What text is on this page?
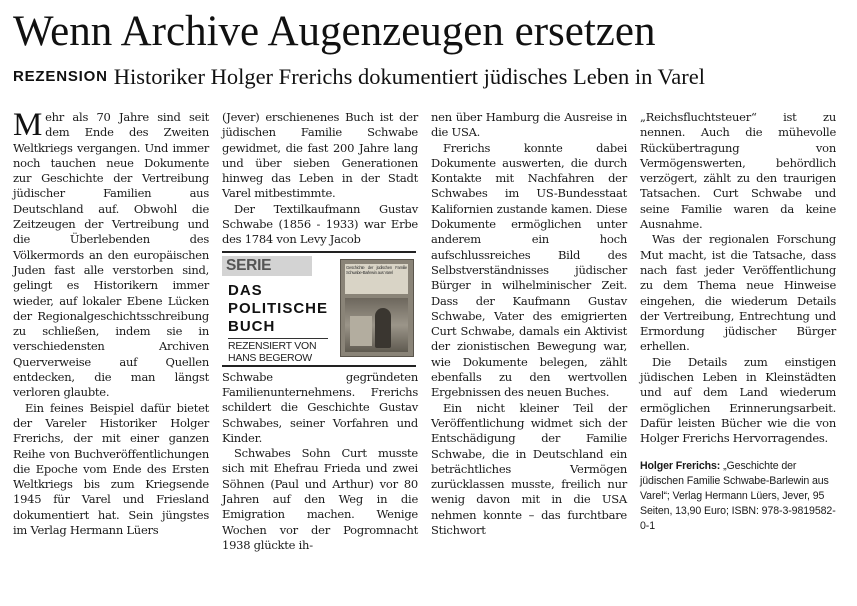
Wenn Archive Augenzeugen ersetzen
REZENSION Historiker Holger Frerichs dokumentiert jüdisches Leben in Varel

Mehr als 70 Jahre sind seit dem Ende des Zweiten Weltkriegs vergangen. Und immer noch tauchen neue Dokumente zur Geschichte der Vertreibung jüdischer Familien aus Deutschland auf. Obwohl die Zeitzeugen der Vertreibung und die Überlebenden des Völkermords an den europäischen Juden fast alle verstorben sind, gelingt es Historikern immer wieder, auf lokaler Ebene Lücken der Regionalgeschichtsschreibung zu schließen, indem sie in verschiedensten Archiven Querverweise auf Quellen entdecken, die man längst verloren glaubte.

Ein feines Beispiel dafür bietet der Vareler Historiker Holger Frerichs, der mit einer ganzen Reihe von Buchveröffentlichungen die Epoche vom Ende des Ersten Weltkriegs bis zum Kriegsende 1945 für Varel und Friesland dokumentiert hat. Sein jüngstes im Verlag Hermann Lüers

(Jever) erschienenes Buch ist der jüdischen Familie Schwabe gewidmet, die fast 200 Jahre lang und über sieben Generationen hinweg das Leben in der Stadt Varel mitbestimmte.

Der Textilkaufmann Gustav Schwabe (1856 - 1933) war Erbe des 1784 von Levy Jacob

SERIE
DAS
POLITISCHE
BUCH
REZENSIERT VON
HANS BEGEROW

Geschichte der jüdischen Familie Schwabe-Barlewin aus Varel

Schwabe gegründeten Familienunternehmens. Frerichs schildert die Geschichte Gustav Schwabes, seiner Vorfahren und Kinder.

Schwabes Sohn Curt musste sich mit Ehefrau Frieda und zwei Söhnen (Paul und Arthur) vor 80 Jahren auf den Weg in die Emigration machen. Wenige Wochen vor der Pogromnacht 1938 glückte ih-

nen über Hamburg die Ausreise in die USA.

Frerichs konnte dabei Dokumente auswerten, die durch Kontakte mit Nachfahren der Schwabes im US-Bundesstaat Kalifornien zustande kamen. Diese Dokumente ermöglichen unter anderem ein hoch aufschlussreiches Bild des Selbstverständnisses jüdischer Bürger in wilhelminischer Zeit. Dass der Kaufmann Gustav Schwabe, Vater des emigrierten Curt Schwabe, damals ein Aktivist der zionistischen Bewegung war, wie Dokumente belegen, zählt ebenfalls zu den wertvollen Ergebnissen des neuen Buches.

Ein nicht kleiner Teil der Veröffentlichung widmet sich der Entschädigung der Familie Schwabe, die in Deutschland ein beträchtliches Vermögen zurücklassen musste, freilich nur wenig davon mit in die USA nehmen konnte – das furchtbare Stichwort

„Reichsfluchtsteuer“ ist zu nennen. Auch die mühevolle Rückübertragung von Vermögenswerten, behördlich verzögert, zählt zu den traurigen Tatsachen. Curt Schwabe und seine Familie waren da keine Ausnahme.

Was der regionalen Forschung Mut macht, ist die Tatsache, dass nach fast jeder Veröffentlichung zu dem Thema neue Hinweise eingehen, die wiederum Details der Vertreibung, Entrechtung und Ermordung jüdischer Bürger erhellen.

Die Details zum einstigen jüdischen Leben in Kleinstädten und auf dem Land wiederum ermöglichen Erinnerungsarbeit. Dafür leisten Bücher wie die von Holger Frerichs Hervorragendes.

Holger Frerichs: „Geschichte der jüdischen Familie Schwabe-Barlewin aus Varel“; Verlag Hermann Lüers, Jever, 95 Seiten, 13,90 Euro; ISBN: 978-3-9819582-0-1
